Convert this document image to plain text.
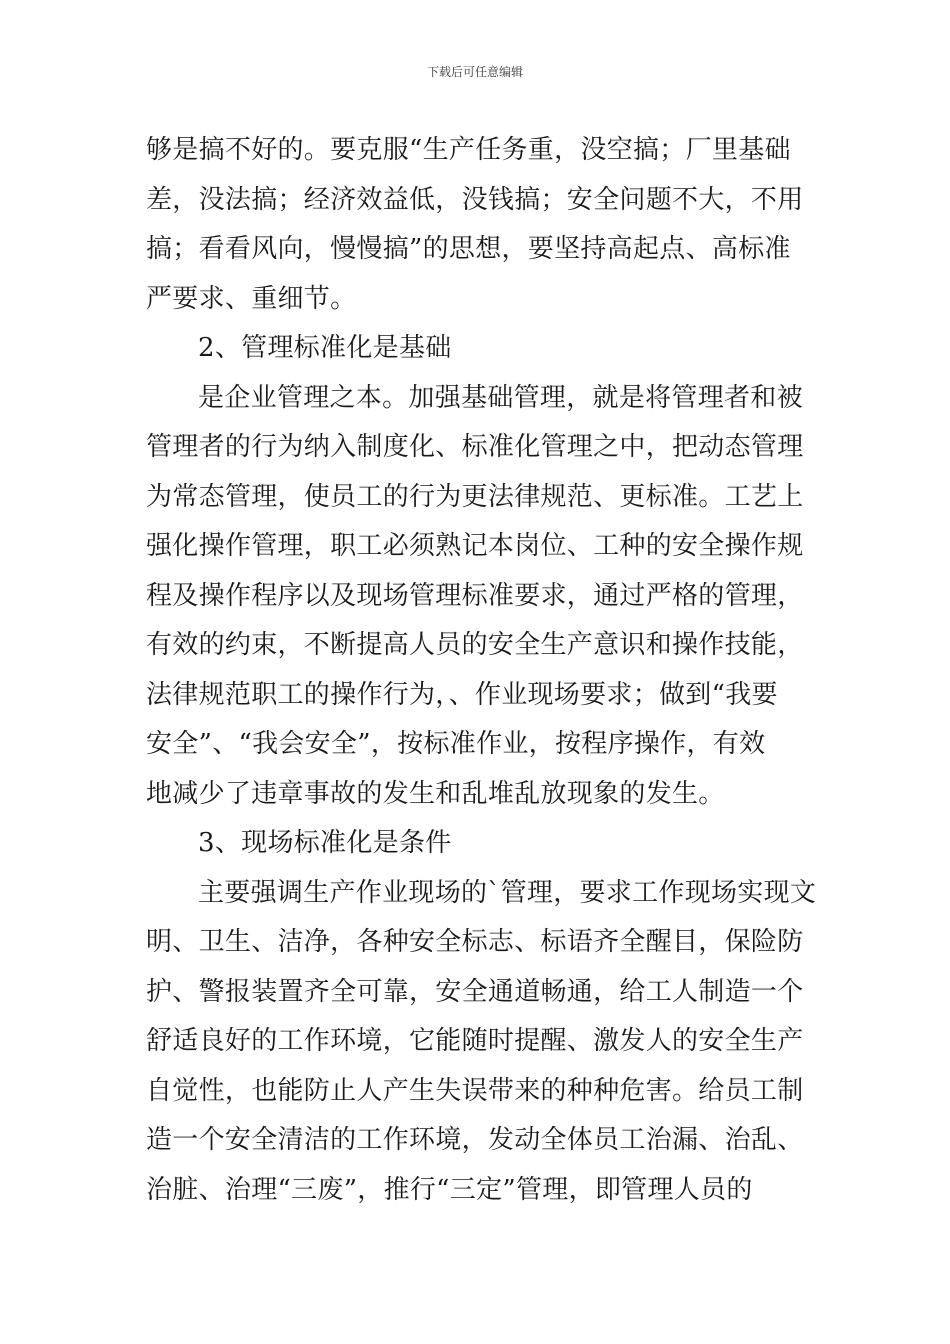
下载后可任意编辑
够是搞不好的。要克服“生产任务重，没空搞；厂里基础
差，没法搞；经济效益低，没钱搞；安全问题不大，不用
搞；看看风向，慢慢搞”的思想，要坚持高起点、高标准
严要求、重细节。
2、管理标准化是基础
是企业管理之本。加强基础管理，就是将管理者和被
管理者的行为纳入制度化、标准化管理之中，把动态管理
为常态管理，使员工的行为更法律规范、更标准。工艺上
强化操作管理，职工必须熟记本岗位、工种的安全操作规
程及操作程序以及现场管理标准要求，通过严格的管理，
有效的约束，不断提高人员的安全生产意识和操作技能，
法律规范职工的操作行为，、作业现场要求；做到“我要
安全”、“我会安全”，按标准作业，按程序操作，有效
地减少了违章事故的发生和乱堆乱放现象的发生。
3、现场标准化是条件
主要强调生产作业现场的`管理，要求工作现场实现文
明、卫生、洁净，各种安全标志、标语齐全醒目，保险防
护、警报装置齐全可靠，安全通道畅通，给工人制造一个
舒适良好的工作环境，它能随时提醒、激发人的安全生产
自觉性，也能防止人产生失误带来的种种危害。给员工制
造一个安全清洁的工作环境，发动全体员工治漏、治乱、
治脏、治理“三废”，推行“三定”管理，即管理人员的
